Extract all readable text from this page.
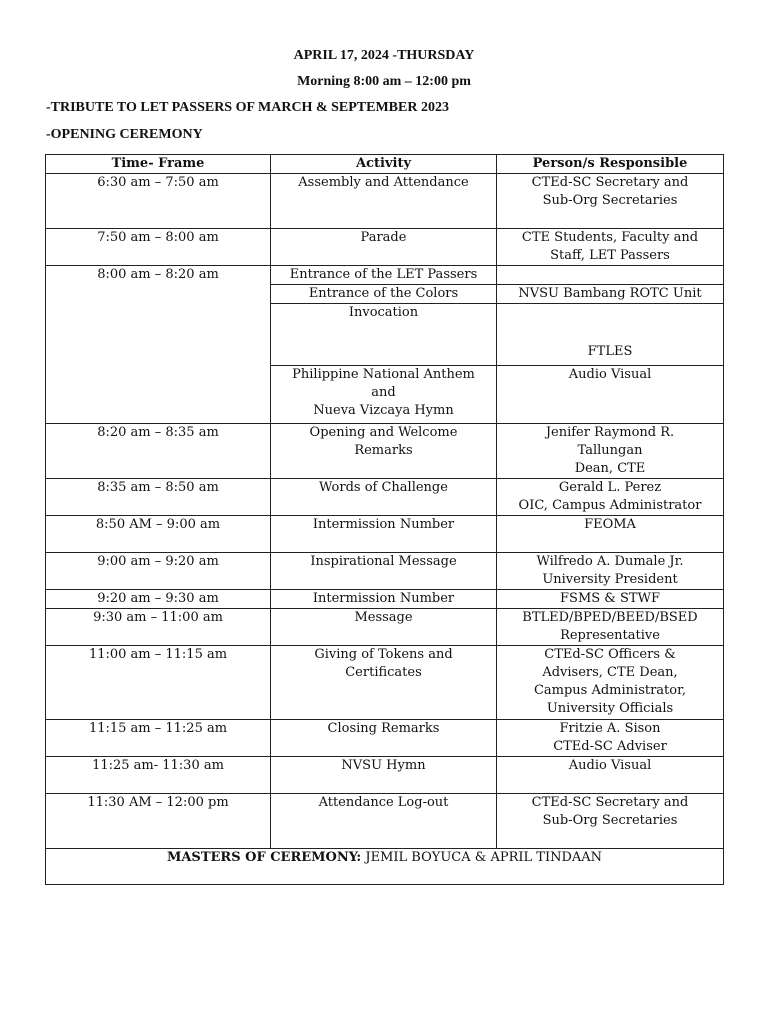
APRIL 17, 2024 -THURSDAY
Morning 8:00 am – 12:00 pm
-TRIBUTE TO LET PASSERS OF MARCH & SEPTEMBER 2023
-OPENING CEREMONY
Time- Frame	Activity	Person/s Responsible
6:30 am – 7:50 am	Assembly and Attendance	CTEd-SC Secretary and
Sub-Org Secretaries

7:50 am – 8:00 am	Parade	CTE Students, Faculty and
Staff, LET Passers

8:00 am – 8:20 am	Entrance of the LET Passers	

	Entrance of the Colors	NVSU Bambang ROTC Unit

	Invocation	FTLES

	Philippine National Anthem
and
Nueva Vizcaya Hymn	Audio Visual

8:20 am – 8:35 am	Opening and Welcome
Remarks	Jenifer Raymond R.
Tallungan
Dean, CTE

8:35 am – 8:50 am	Words of Challenge	Gerald L. Perez
OIC, Campus Administrator

8:50 AM – 9:00 am	Intermission Number	FEOMA

9:00 am – 9:20 am	Inspirational Message	Wilfredo A. Dumale Jr.
University President

9:20 am – 9:30 am	Intermission Number	FSMS & STWF

9:30 am – 11:00 am	Message	BTLED/BPED/BEED/BSED
Representative

11:00 am – 11:15 am	Giving of Tokens and
Certificates	CTEd-SC Officers &
Advisers, CTE Dean,
Campus Administrator,
University Officials

11:15 am – 11:25 am	Closing Remarks	Fritzie A. Sison
CTEd-SC Adviser

11:25 am- 11:30 am	NVSU Hymn	Audio Visual

11:30 AM – 12:00 pm	Attendance Log-out	CTEd-SC Secretary and
Sub-Org Secretaries

MASTERS OF CEREMONY: JEMIL BOYUCA & APRIL TINDAAN		
